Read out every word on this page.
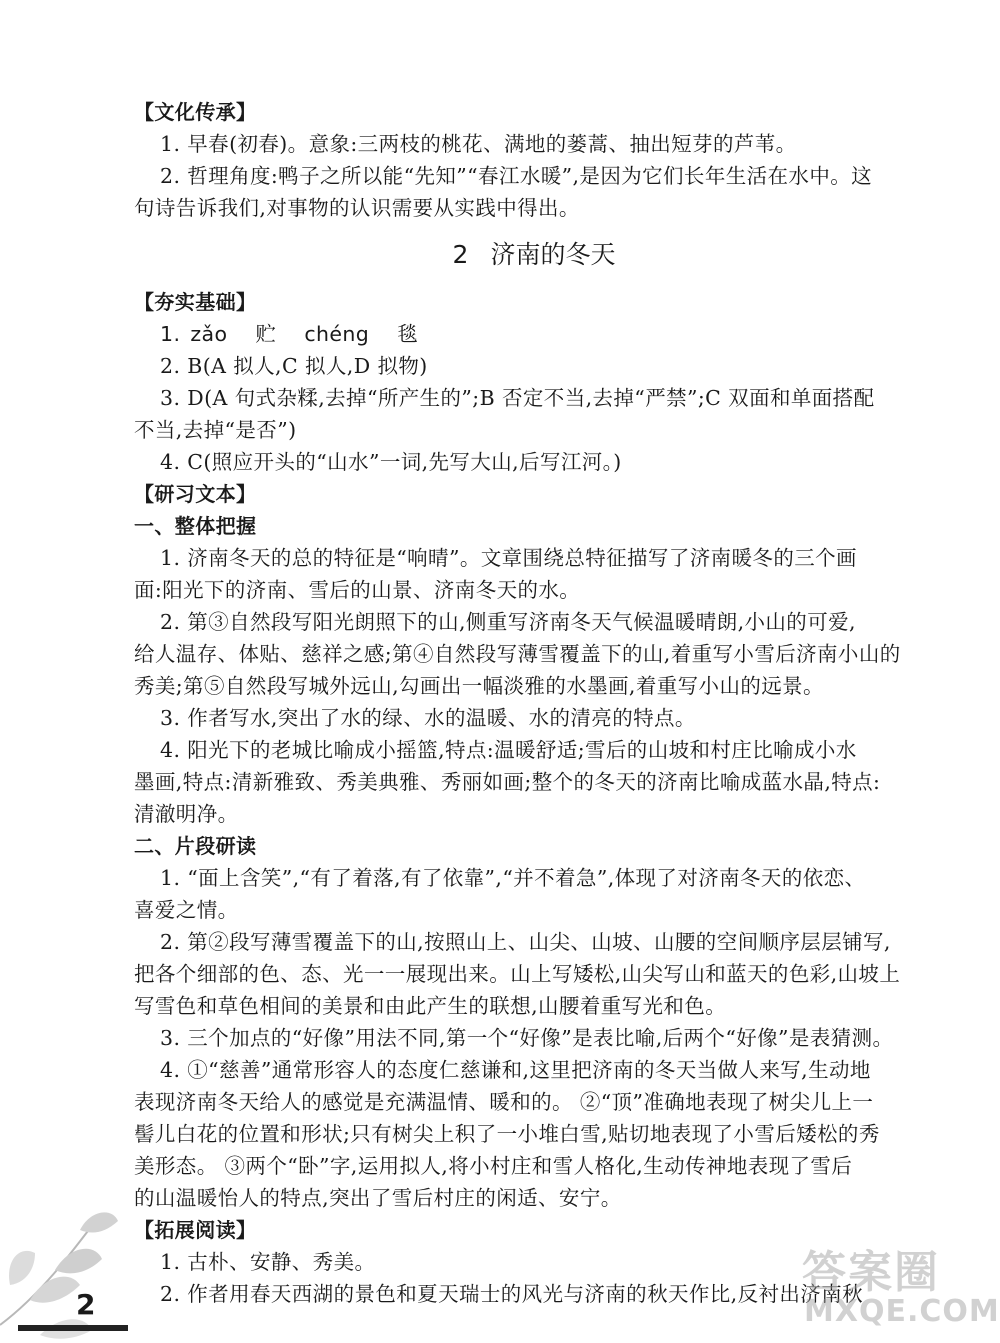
【文化传承】
1. 早春(初春)。意象:三两枝的桃花、满地的蒌蒿、抽出短芽的芦苇。
2. 哲理角度:鸭子之所以能“先知”“春江水暖”,是因为它们长年生活在水中。这
句诗告诉我们,对事物的认识需要从实践中得出。
2 济南的冬天
【夯实基础】
1. zǎo 贮 chéng 毯
2. B(A 拟人,C 拟人,D 拟物)
3. D(A 句式杂糅,去掉“所产生的”;B 否定不当,去掉“严禁”;C 双面和单面搭配
不当,去掉“是否”)
4. C(照应开头的“山水”一词,先写大山,后写江河。)
【研习文本】
一、整体把握
1. 济南冬天的总的特征是“响晴”。文章围绕总特征描写了济南暖冬的三个画
面:阳光下的济南、雪后的山景、济南冬天的水。
2. 第③自然段写阳光朗照下的山,侧重写济南冬天气候温暖晴朗,小山的可爱,
给人温存、体贴、慈祥之感;第④自然段写薄雪覆盖下的山,着重写小雪后济南小山的
秀美;第⑤自然段写城外远山,勾画出一幅淡雅的水墨画,着重写小山的远景。
3. 作者写水,突出了水的绿、水的温暖、水的清亮的特点。
4. 阳光下的老城比喻成小摇篮,特点:温暖舒适;雪后的山坡和村庄比喻成小水
墨画,特点:清新雅致、秀美典雅、秀丽如画;整个的冬天的济南比喻成蓝水晶,特点:
清澈明净。
二、片段研读
1. “面上含笑”,“有了着落,有了依靠”,“并不着急”,体现了对济南冬天的依恋、
喜爱之情。
2. 第②段写薄雪覆盖下的山,按照山上、山尖、山坡、山腰的空间顺序层层铺写,
把各个细部的色、态、光一一展现出来。山上写矮松,山尖写山和蓝天的色彩,山坡上
写雪色和草色相间的美景和由此产生的联想,山腰着重写光和色。
3. 三个加点的“好像”用法不同,第一个“好像”是表比喻,后两个“好像”是表猜测。
4. ①“慈善”通常形容人的态度仁慈谦和,这里把济南的冬天当做人来写,生动地
表现济南冬天给人的感觉是充满温情、暖和的。 ②“顶”准确地表现了树尖儿上一
髻儿白花的位置和形状;只有树尖上积了一小堆白雪,贴切地表现了小雪后矮松的秀
美形态。 ③两个“卧”字,运用拟人,将小村庄和雪人格化,生动传神地表现了雪后
的山温暖怡人的特点,突出了雪后村庄的闲适、安宁。
【拓展阅读】
1. 古朴、安静、秀美。
2. 作者用春天西湖的景色和夏天瑞士的风光与济南的秋天作比,反衬出济南秋
2
答案圈
MXQE.COM
